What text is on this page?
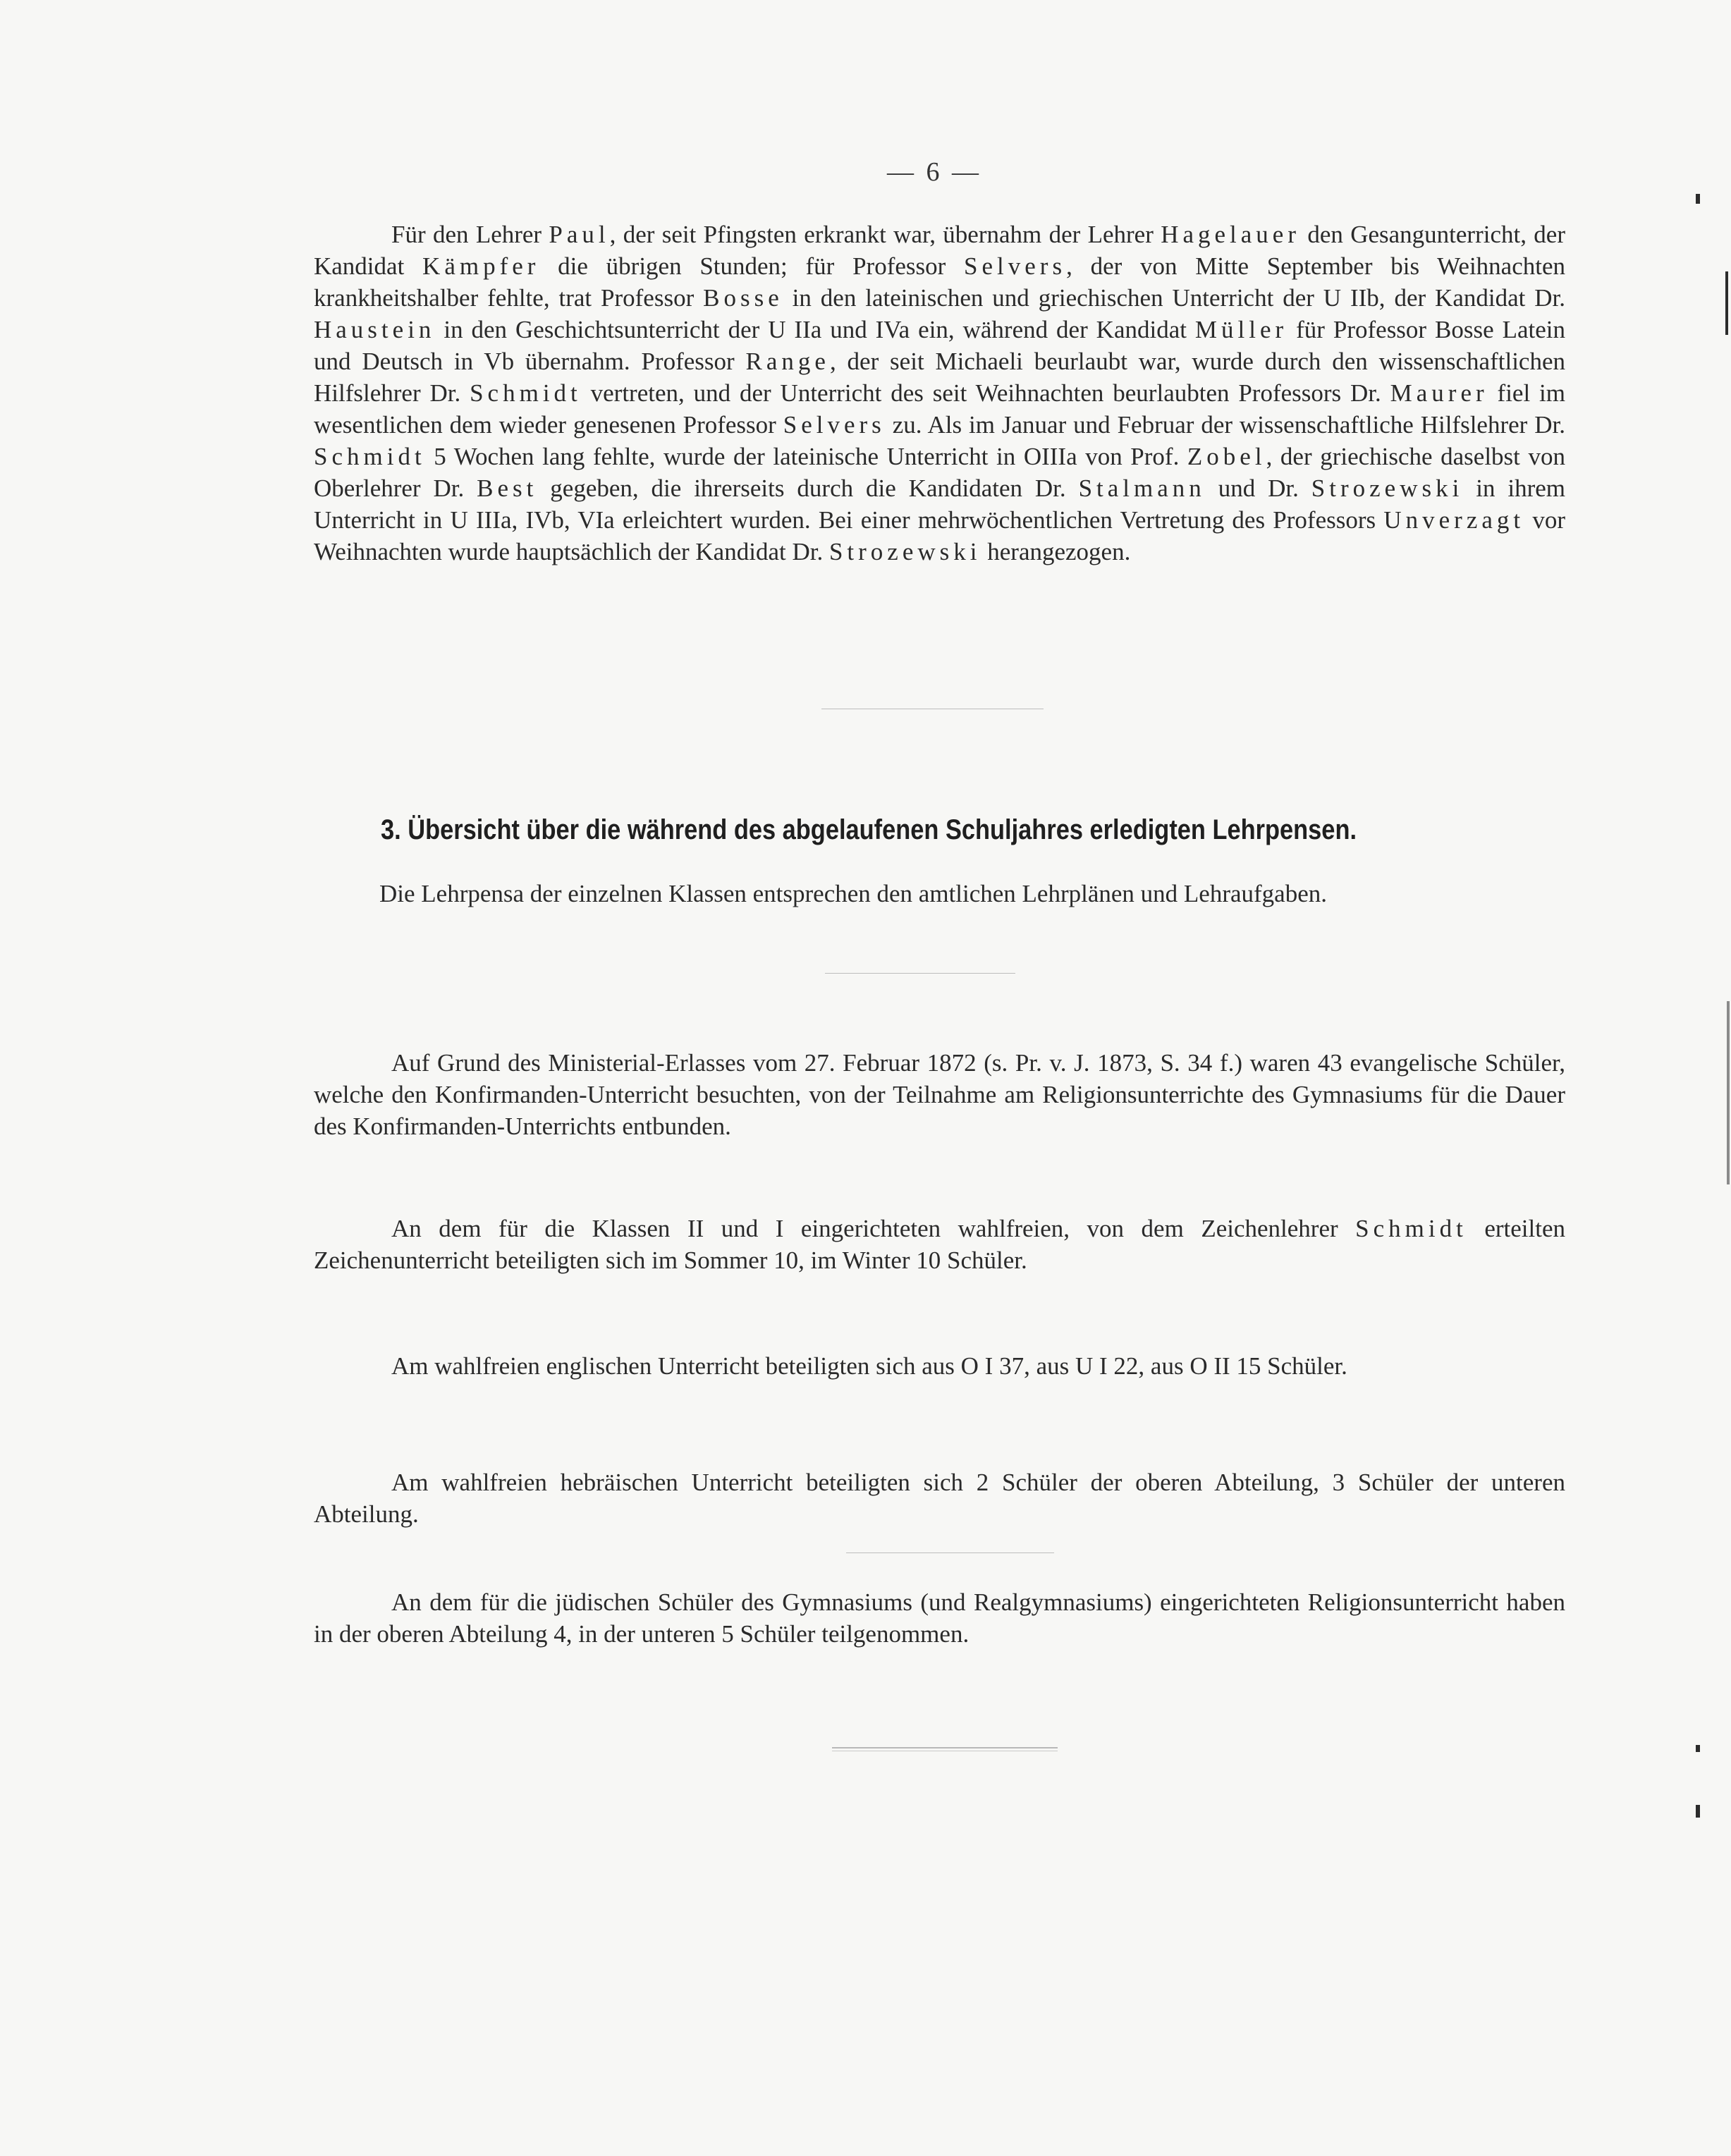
— 6 —

Für den Lehrer Paul, der seit Pfingsten erkrankt war, übernahm der Lehrer Hagelauer den Gesangunterricht, der Kandidat Kämpfer die übrigen Stunden; für Professor Selvers, der von Mitte September bis Weihnachten krankheitshalber fehlte, trat Professor Bosse in den lateinischen und griechischen Unterricht der U IIb, der Kandidat Dr. Haustein in den Geschichtsunterricht der U IIa und IVa ein, während der Kandidat Müller für Professor Bosse Latein und Deutsch in Vb übernahm. Professor Range, der seit Michaeli beurlaubt war, wurde durch den wissenschaftlichen Hilfslehrer Dr. Schmidt vertreten, und der Unterricht des seit Weihnachten beurlaubten Professors Dr. Maurer fiel im wesentlichen dem wieder genesenen Professor Selvers zu. Als im Januar und Februar der wissenschaftliche Hilfslehrer Dr. Schmidt 5 Wochen lang fehlte, wurde der lateinische Unterricht in OIIIa von Prof. Zobel, der griechische daselbst von Oberlehrer Dr. Best gegeben, die ihrerseits durch die Kandidaten Dr. Stalmann und Dr. Strozewski in ihrem Unterricht in U IIIa, IVb, VIa erleichtert wurden. Bei einer mehrwöchentlichen Vertretung des Professors Unverzagt vor Weihnachten wurde hauptsächlich der Kandidat Dr. Strozewski herangezogen.

3. Übersicht über die während des abgelaufenen Schuljahres erledigten Lehrpensen.
Die Lehrpensa der einzelnen Klassen entsprechen den amtlichen Lehrplänen und Lehraufgaben.

Auf Grund des Ministerial-Erlasses vom 27. Februar 1872 (s. Pr. v. J. 1873, S. 34 f.) waren 43 evangelische Schüler, welche den Konfirmanden-Unterricht besuchten, von der Teilnahme am Religionsunterrichte des Gymnasiums für die Dauer des Konfirmanden-Unterrichts entbunden.

An dem für die Klassen II und I eingerichteten wahlfreien, von dem Zeichenlehrer Schmidt erteilten Zeichenunterricht beteiligten sich im Sommer 10, im Winter 10 Schüler.

Am wahlfreien englischen Unterricht beteiligten sich aus O I 37, aus U I 22, aus O II 15 Schüler.

Am wahlfreien hebräischen Unterricht beteiligten sich 2 Schüler der oberen Abteilung, 3 Schüler der unteren Abteilung.

An dem für die jüdischen Schüler des Gymnasiums (und Realgymnasiums) eingerichteten Religionsunterricht haben in der oberen Abteilung 4, in der unteren 5 Schüler teilgenommen.
